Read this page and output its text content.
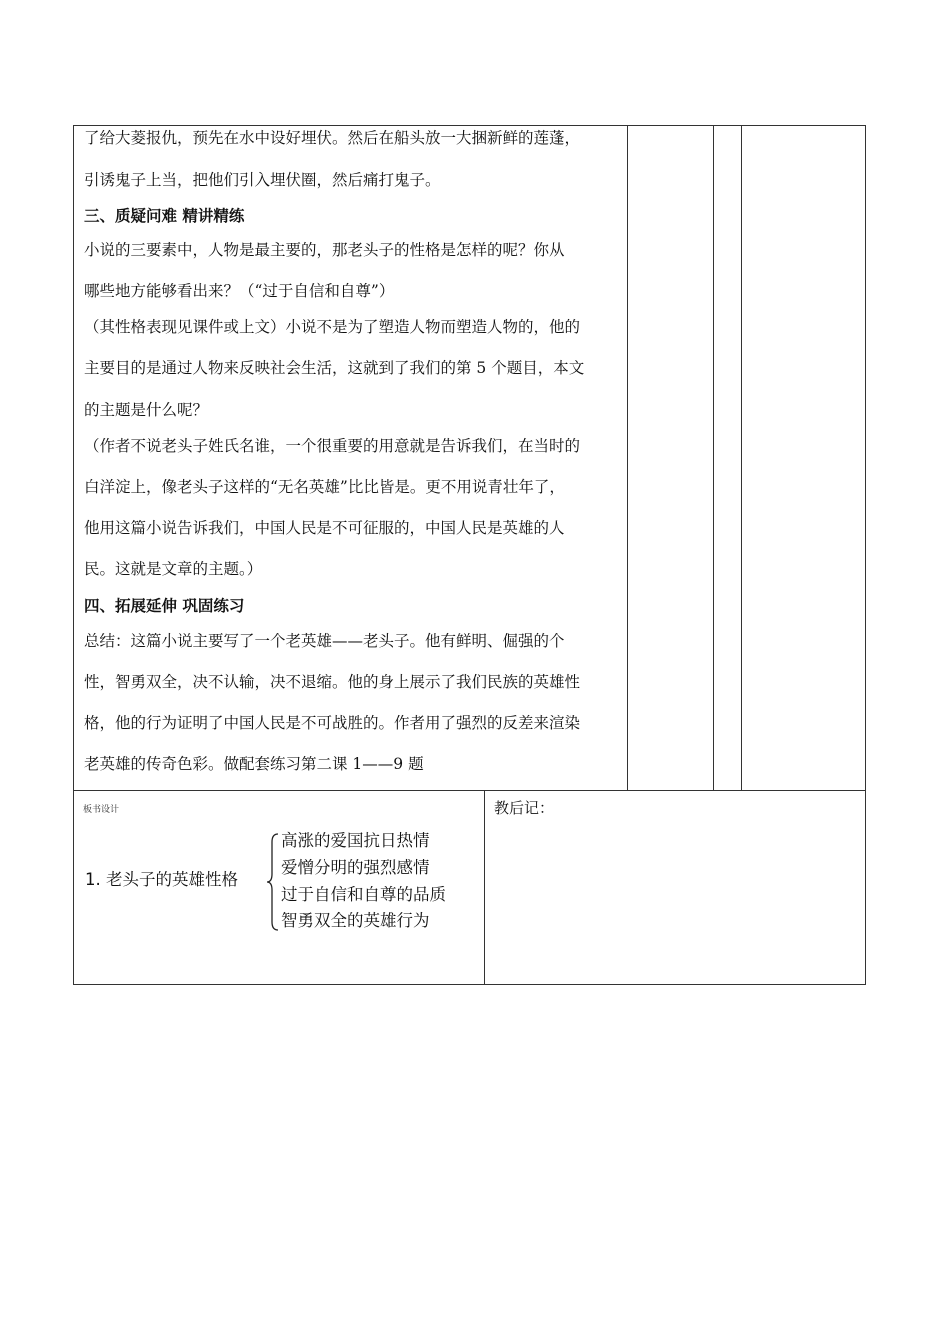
了给大菱报仇，预先在水中设好埋伏。然后在船头放一大捆新鲜的莲蓬，
引诱鬼子上当，把他们引入埋伏圈，然后痛打鬼子。
三、质疑问难 精讲精练
小说的三要素中，人物是最主要的，那老头子的性格是怎样的呢？你从
哪些地方能够看出来？（“过于自信和自尊”）
（其性格表现见课件或上文）小说不是为了塑造人物而塑造人物的，他的
主要目的是通过人物来反映社会生活，这就到了我们的第 5 个题目，本文
的主题是什么呢？
（作者不说老头子姓氏名谁，一个很重要的用意就是告诉我们，在当时的
白洋淀上，像老头子这样的“无名英雄”比比皆是。更不用说青壮年了，
他用这篇小说告诉我们，中国人民是不可征服的，中国人民是英雄的人
民。这就是文章的主题。）
四、拓展延伸 巩固练习
总结：这篇小说主要写了一个老英雄——老头子。他有鲜明、倔强的个
性，智勇双全，决不认输，决不退缩。他的身上展示了我们民族的英雄性
格，他的行为证明了中国人民是不可战胜的。作者用了强烈的反差来渲染
老英雄的传奇色彩。做配套练习第二课 1——9 题
板书设计
1. 老头子的英雄性格
高涨的爱国抗日热情
爱憎分明的强烈感情
过于自信和自尊的品质
智勇双全的英雄行为
教后记：
